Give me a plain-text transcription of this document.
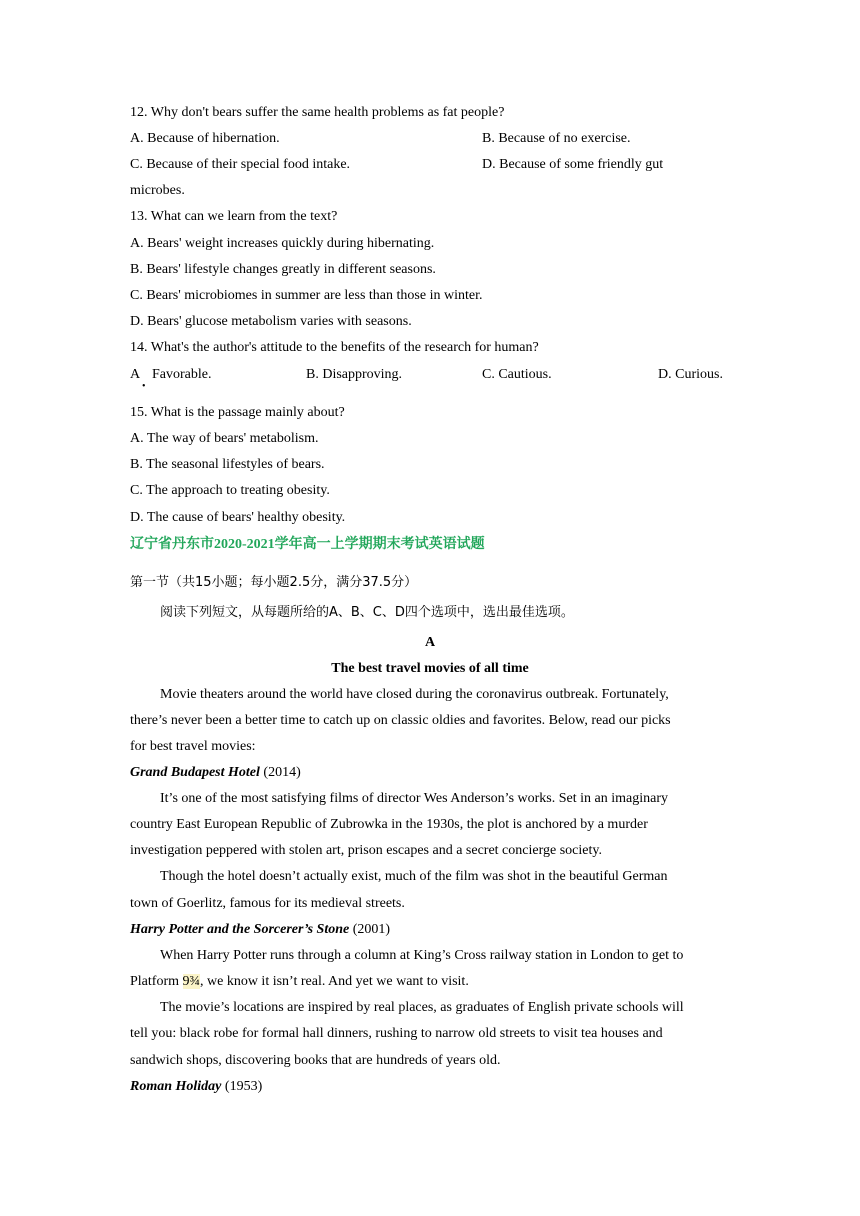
12. Why don't bears suffer the same health problems as fat people?
A. Because of hibernation.	B. Because of no exercise.
C. Because of their special food intake.	D. Because of some friendly gut
microbes.
13. What can we learn from the text?
A. Bears' weight increases quickly during hibernating.
B. Bears' lifestyle changes greatly in different seasons.
C. Bears' microbiomes in summer are less than those in winter.
D. Bears' glucose metabolism varies with seasons.
14. What's the author's attitude to the benefits of the research for human?
A
•
Favorable.	B. Disapproving.	C. Cautious.	D. Curious.
15. What is the passage mainly about?
A. The way of bears' metabolism.
B. The seasonal lifestyles of bears.
C. The approach to treating obesity.
D. The cause of bears' healthy obesity.
辽宁省丹东市2020-2021学年高一上学期期末考试英语试题
第一节（共15小题；每小题2.5分，满分37.5分）
阅读下列短文，从每题所给的A、B、C、D四个选项中，选出最佳选项。
A
The best travel movies of all time
Movie theaters around the world have closed during the coronavirus outbreak. Fortunately,
there’s never been a better time to catch up on classic oldies and favorites. Below, read our picks
for best travel movies:
Grand Budapest Hotel (2014)
It’s one of the most satisfying films of director Wes Anderson’s works. Set in an imaginary
country East European Republic of Zubrowka in the 1930s, the plot is anchored by a murder
investigation peppered with stolen art, prison escapes and a secret concierge society.
Though the hotel doesn’t actually exist, much of the film was shot in the beautiful German
town of Goerlitz, famous for its medieval streets.
Harry Potter and the Sorcerer’s Stone (2001)
When Harry Potter runs through a column at King’s Cross railway station in London to get to
Platform 9¾, we know it isn’t real. And yet we want to visit.
The movie’s locations are inspired by real places, as graduates of English private schools will
tell you: black robe for formal hall dinners, rushing to narrow old streets to visit tea houses and
sandwich shops, discovering books that are hundreds of years old.
Roman Holiday (1953)
